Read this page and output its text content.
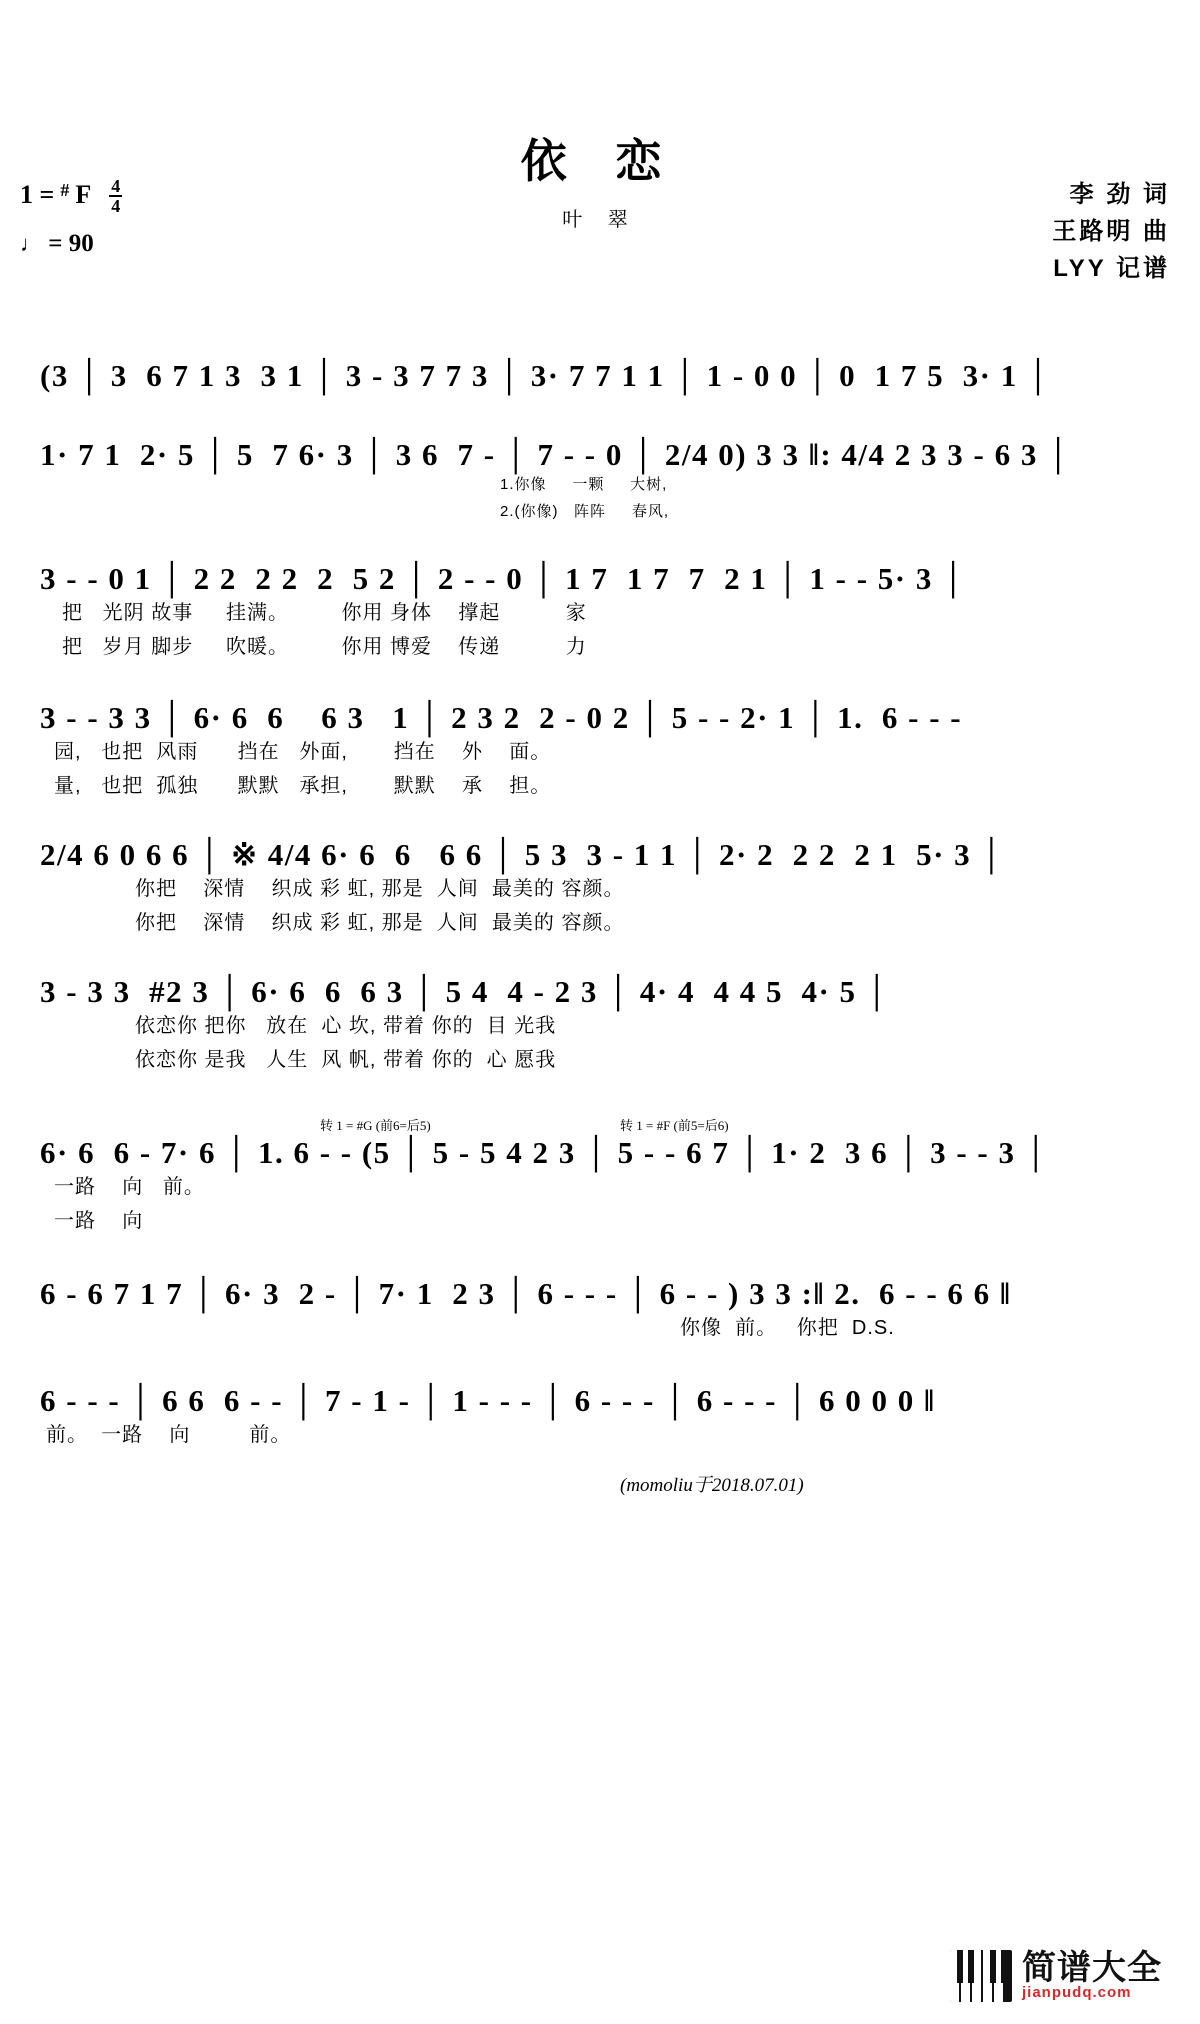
依 恋
叶 翠
1 = # F $\frac{4}{4}$
♩ = 90
李 劲 词
王路明 曲
LYY 记谱
(3 │ 3  6 7 1 3  3 1 │ 3 - 3 7 7 3 │ 3· 7 7 1 1 │ 1 - 0 0 │ 0  1 7 5  3· 1 │
1· 7 1  2· 5 │ 5  7 6· 3 │ 3 6  7 - │ 7 - - 0 │ 2/4 0) 3 3 ‖: 4/4 2 3 3 - 6 3 │
1.你像     一颗     大树,
2.(你像)   阵阵     春风,
3 - - 0 1 │ 2 2  2 2  2  5 2 │ 2 - - 0 │ 1 7  1 7  7  2 1 │ 1 - - 5· 3 │
把   光阴 故事     挂满。        你用 身体    撑起          家
把   岁月 脚步     吹暖。        你用 博爱    传递          力
3 - - 3 3 │ 6· 6  6    6 3   1 │ 2 3 2  2 - 0 2 │ 5 - - 2· 1 │ 1.  6 - - -
园,   也把  风雨      挡在   外面,       挡在    外    面。
量,   也把  孤独      默默   承担,       默默    承    担。
2/4 6 0 6 6 │ ※ 4/4 6· 6  6   6 6 │ 5 3  3 - 1 1 │ 2· 2  2 2  2 1  5· 3 │
你把    深情    织成 彩 虹, 那是  人间  最美的 容颜。
你把    深情    织成 彩 虹, 那是  人间  最美的 容颜。
3 - 3 3  #2 3 │ 6· 6  6  6 3 │ 5 4  4 - 2 3 │ 4· 4  4 4 5  4· 5 │
依恋你 把你   放在  心 坎, 带着 你的  目 光我
依恋你 是我   人生  风 帆, 带着 你的  心 愿我
转 1 = #G (前6=后5)	转 1 = #F (前5=后6)
6· 6  6 - 7· 6 │ 1. 6 - - (5 │ 5 - 5 4 2 3 │ 5 - - 6 7 │ 1· 2  3 6 │ 3 - - 3 │
一路    向   前。
一路    向
6 - 6 7 1 7 │ 6· 3  2 - │ 7· 1  2 3 │ 6 - - - │ 6 - - ) 3 3 :‖ 2.  6 - - 6 6 ‖
你像  前。   你把  D.S.
6 - - - │ 6 6  6 - - │ 7 - 1 - │ 1 - - - │ 6 - - - │ 6 - - - │ 6 0 0 0 ‖
前。  一路    向         前。
(momoliu于2018.07.01)
简谱大全
jianpudq.com
